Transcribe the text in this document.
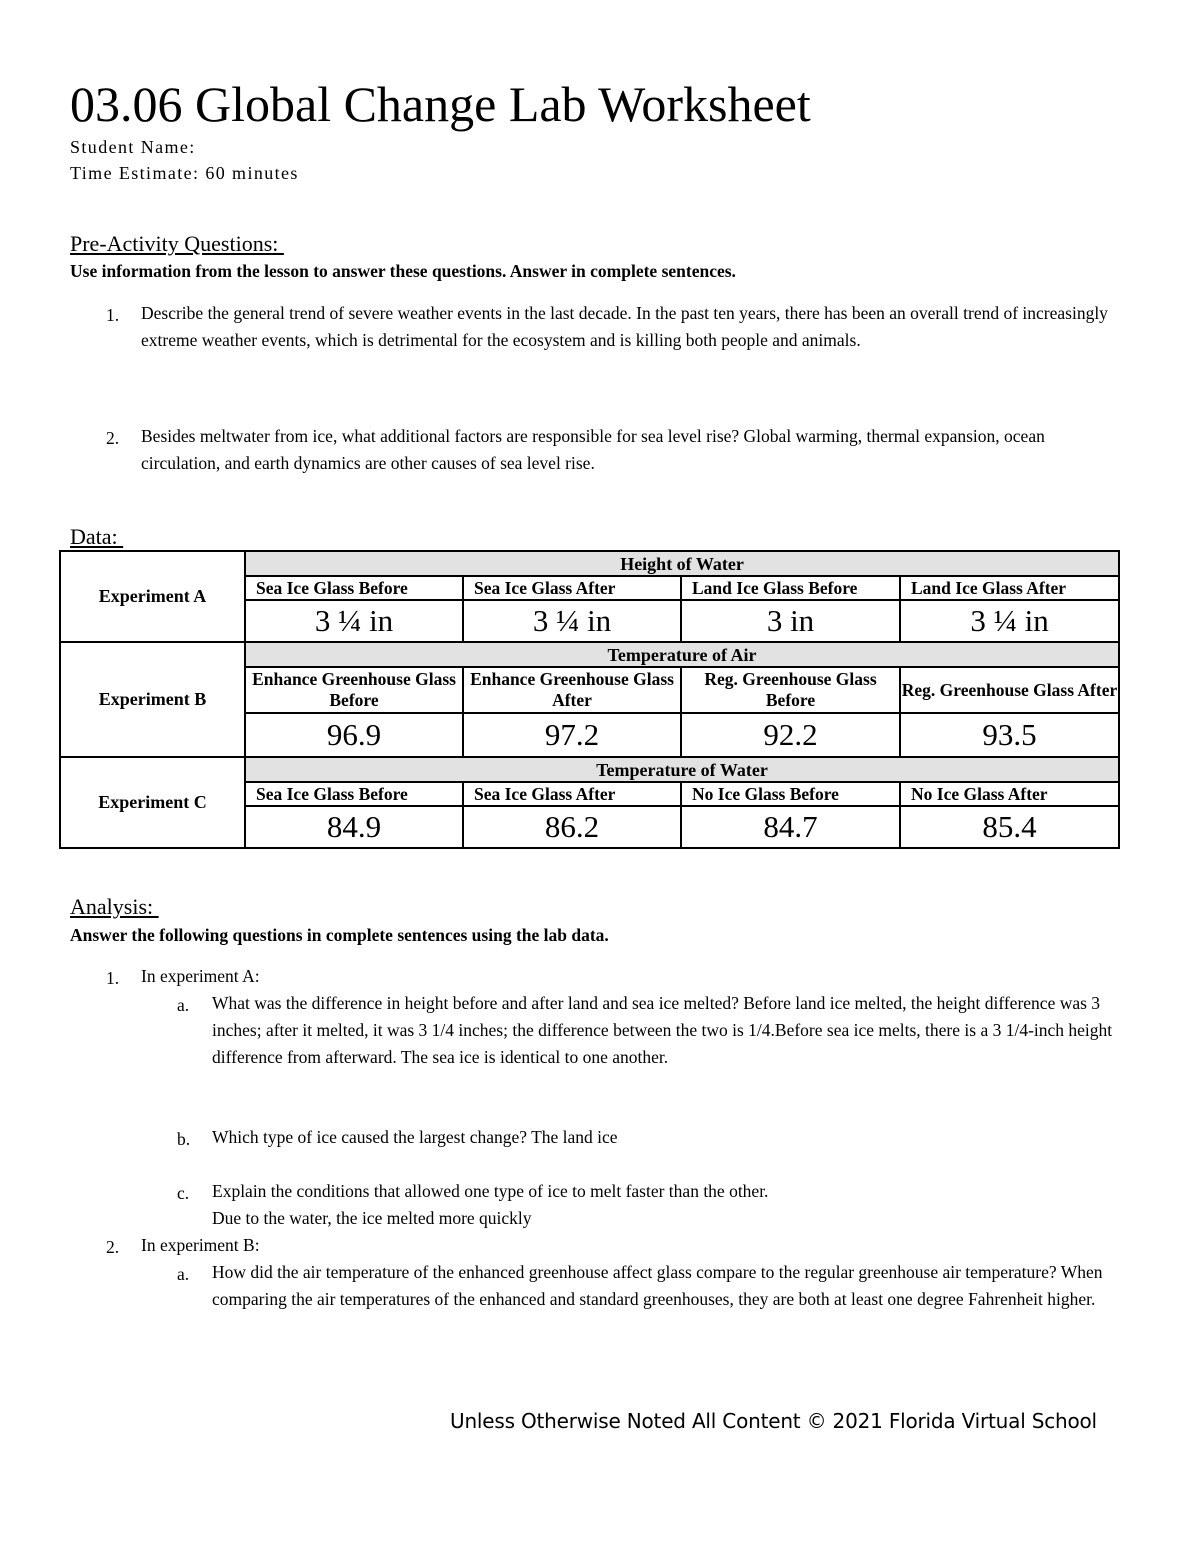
03.06 Global Change Lab Worksheet
Student Name:
Time Estimate: 60 minutes
Pre-Activity Questions:
Use information from the lesson to answer these questions. Answer in complete sentences.
1. Describe the general trend of severe weather events in the last decade. In the past ten years, there has been an overall trend of increasingly extreme weather events, which is detrimental for the ecosystem and is killing both people and animals.
2. Besides meltwater from ice, what additional factors are responsible for sea level rise? Global warming, thermal expansion, ocean circulation, and earth dynamics are other causes of sea level rise.
Data:
Experiment A	Height of Water			
	Sea Ice Glass Before	Sea Ice Glass After	Land Ice Glass Before	Land Ice Glass After
	3 ¼ in	3 ¼ in	3 in	3 ¼ in
Experiment B	Temperature of Air			
	Enhance Greenhouse Glass Before	Enhance Greenhouse Glass After	Reg. Greenhouse Glass Before	Reg. Greenhouse Glass After
	96.9	97.2	92.2	93.5
Experiment C	Temperature of Water			
	Sea Ice Glass Before	Sea Ice Glass After	No Ice Glass Before	No Ice Glass After
	84.9	86.2	84.7	85.4
Analysis:
Answer the following questions in complete sentences using the lab data.
1. In experiment A:
a. What was the difference in height before and after land and sea ice melted? Before land ice melted, the height difference was 3 inches; after it melted, it was 3 1/4 inches; the difference between the two is 1/4.Before sea ice melts, there is a 3 1/4-inch height difference from afterward. The sea ice is identical to one another.
b. Which type of ice caused the largest change? The land ice
c. Explain the conditions that allowed one type of ice to melt faster than the other.
Due to the water, the ice melted more quickly
2. In experiment B:
a. How did the air temperature of the enhanced greenhouse affect glass compare to the regular greenhouse air temperature? When comparing the air temperatures of the enhanced and standard greenhouses, they are both at least one degree Fahrenheit higher.
Unless Otherwise Noted All Content © 2021 Florida Virtual School
